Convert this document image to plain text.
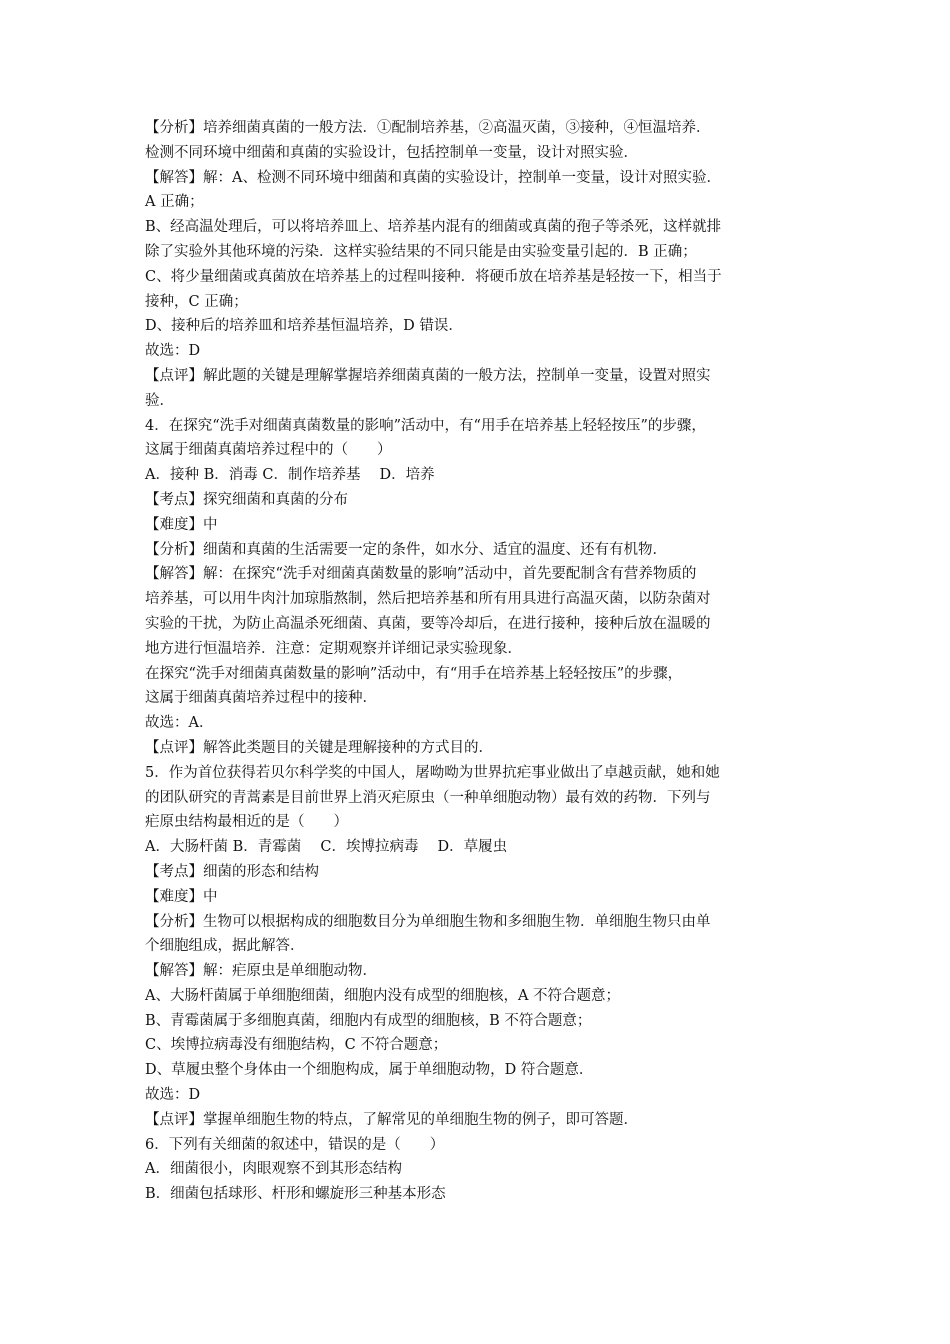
【分析】培养细菌真菌的一般方法．①配制培养基，②高温灭菌，③接种，④恒温培养．
检测不同环境中细菌和真菌的实验设计，包括控制单一变量，设计对照实验．
【解答】解：A、检测不同环境中细菌和真菌的实验设计，控制单一变量，设计对照实验．
A 正确；
B、经高温处理后，可以将培养皿上、培养基内混有的细菌或真菌的孢子等杀死，这样就排
除了实验外其他环境的污染．这样实验结果的不同只能是由实验变量引起的．B 正确；
C、将少量细菌或真菌放在培养基上的过程叫接种．将硬币放在培养基是轻按一下，相当于
接种，C 正确；
D、接种后的培养皿和培养基恒温培养，D 错误．
故选：D
【点评】解此题的关键是理解掌握培养细菌真菌的一般方法，控制单一变量，设置对照实
验．
4．在探究“洗手对细菌真菌数量的影响”活动中，有“用手在培养基上轻轻按压”的步骤，
这属于细菌真菌培养过程中的（　　）
A．接种 B．消毒 C．制作培养基　 D．培养
【考点】探究细菌和真菌的分布
【难度】中
【分析】细菌和真菌的生活需要一定的条件，如水分、适宜的温度、还有有机物．
【解答】解：在探究“洗手对细菌真菌数量的影响”活动中，首先要配制含有营养物质的
培养基，可以用牛肉汁加琼脂熬制，然后把培养基和所有用具进行高温灭菌，以防杂菌对
实验的干扰，为防止高温杀死细菌、真菌，要等冷却后，在进行接种，接种后放在温暖的
地方进行恒温培养．注意：定期观察并详细记录实验现象．
在探究“洗手对细菌真菌数量的影响”活动中，有“用手在培养基上轻轻按压”的步骤，
这属于细菌真菌培养过程中的接种．
故选：A．
【点评】解答此类题目的关键是理解接种的方式目的．
5．作为首位获得若贝尔科学奖的中国人，屠呦呦为世界抗疟事业做出了卓越贡献，她和她
的团队研究的青蒿素是目前世界上消灭疟原虫（一种单细胞动物）最有效的药物．下列与
疟原虫结构最相近的是（　　）
A．大肠杆菌 B．青霉菌　 C．埃博拉病毒　 D．草履虫
【考点】细菌的形态和结构
【难度】中
【分析】生物可以根据构成的细胞数目分为单细胞生物和多细胞生物．单细胞生物只由单
个细胞组成，据此解答．
【解答】解：疟原虫是单细胞动物．
A、大肠杆菌属于单细胞细菌，细胞内没有成型的细胞核，A 不符合题意；
B、青霉菌属于多细胞真菌，细胞内有成型的细胞核，B 不符合题意；
C、埃博拉病毒没有细胞结构，C 不符合题意；
D、草履虫整个身体由一个细胞构成，属于单细胞动物，D 符合题意．
故选：D
【点评】掌握单细胞生物的特点，了解常见的单细胞生物的例子，即可答题．
6．下列有关细菌的叙述中，错误的是（　　）
A．细菌很小，肉眼观察不到其形态结构
B．细菌包括球形、杆形和螺旋形三种基本形态
